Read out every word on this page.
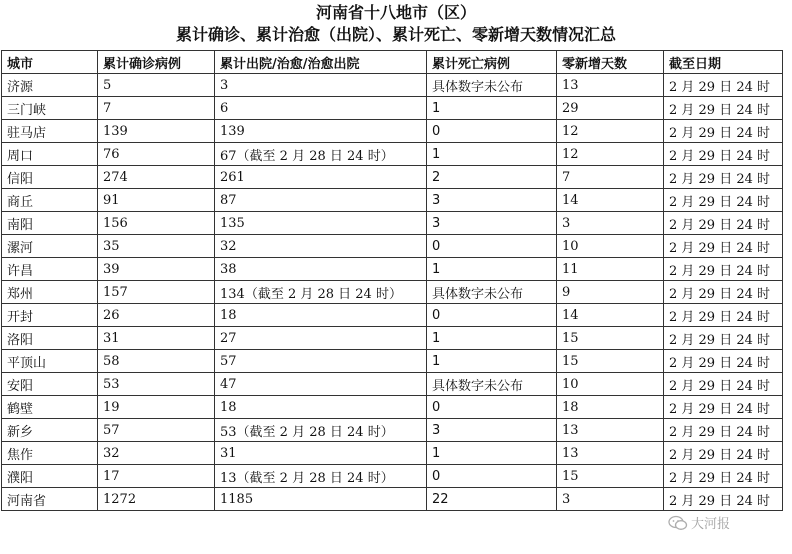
河南省十八地市（区）
累计确诊、累计治愈（出院）、累计死亡、零新增天数情况汇总
城市	累计确诊病例	累计出院/治愈/治愈出院	累计死亡病例	零新增天数	截至日期
济源	5	3	具体数字未公布	13	2 月 29 日 24 时
三门峡	7	6	1	29	2 月 29 日 24 时
驻马店	139	139	0	12	2 月 29 日 24 时
周口	76	67（截至 2 月 28 日 24 时）	1	12	2 月 29 日 24 时
信阳	274	261	2	7	2 月 29 日 24 时
商丘	91	87	3	14	2 月 29 日 24 时
南阳	156	135	3	3	2 月 29 日 24 时
漯河	35	32	0	10	2 月 29 日 24 时
许昌	39	38	1	11	2 月 29 日 24 时
郑州	157	134（截至 2 月 28 日 24 时）	具体数字未公布	9	2 月 29 日 24 时
开封	26	18	0	14	2 月 29 日 24 时
洛阳	31	27	1	15	2 月 29 日 24 时
平顶山	58	57	1	15	2 月 29 日 24 时
安阳	53	47	具体数字未公布	10	2 月 29 日 24 时
鹤壁	19	18	0	18	2 月 29 日 24 时
新乡	57	53（截至 2 月 28 日 24 时）	3	13	2 月 29 日 24 时
焦作	32	31	1	13	2 月 29 日 24 时
濮阳	17	13（截至 2 月 28 日 24 时）	0	15	2 月 29 日 24 时
河南省	1272	1185	22	3	2 月 29 日 24 时
大河报
